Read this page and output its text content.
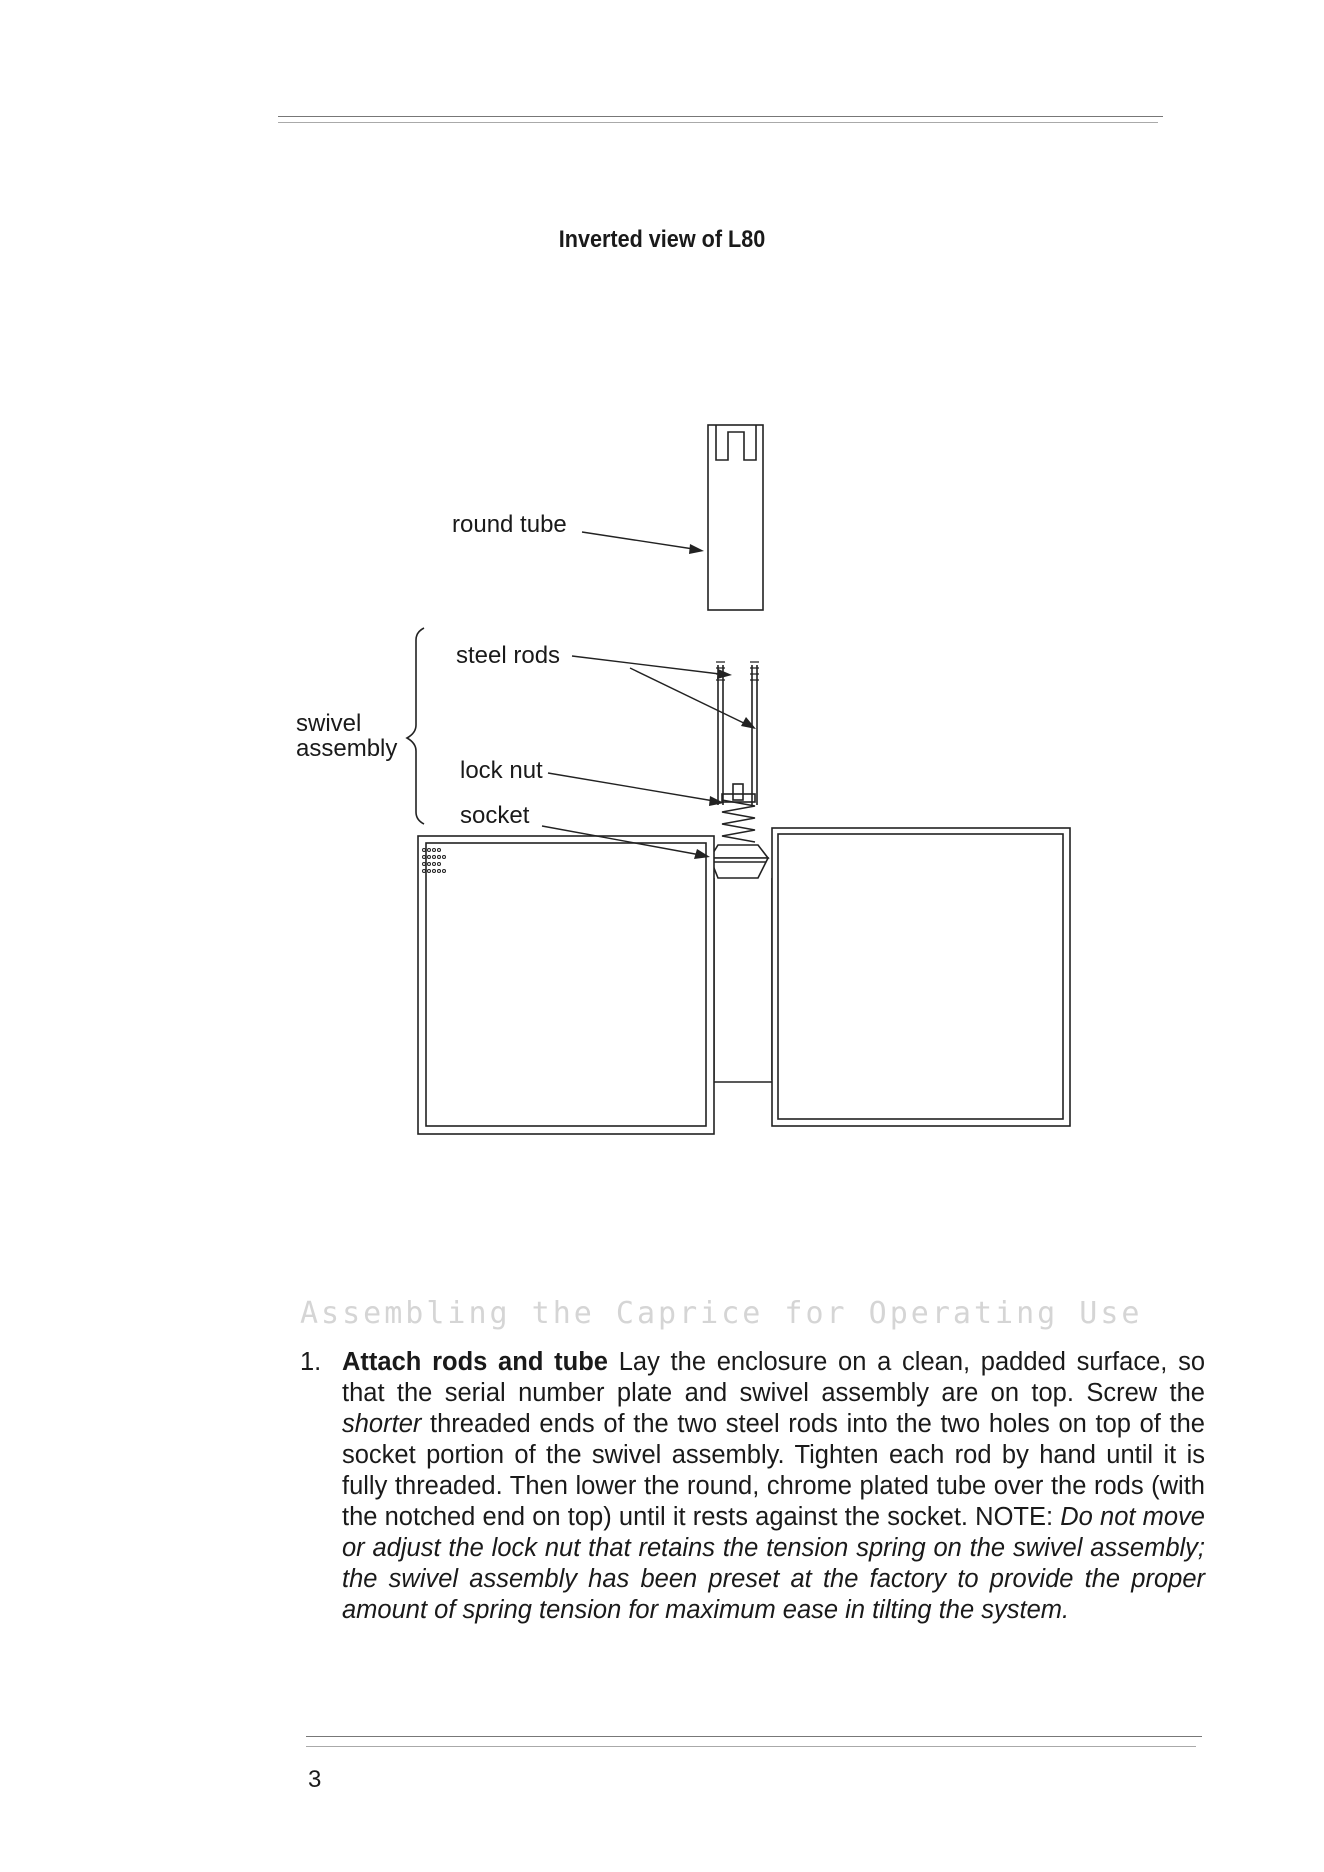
Inverted view of L80
round tube
steel rods
lock nut
socket
swivel
assembly
Assembling the Caprice for Operating Use
1. Attach rods and tube Lay the enclosure on a clean, padded surface, so that the serial number plate and swivel assembly are on top. Screw the shorter threaded ends of the two steel rods into the two holes on top of the socket portion of the swivel assembly. Tighten each rod by hand until it is fully threaded. Then lower the round, chrome plated tube over the rods (with the notched end on top) until it rests against the socket. NOTE: Do not move or adjust the lock nut that retains the tension spring on the swivel assembly; the swivel assembly has been preset at the factory to provide the proper amount of spring tension for maximum ease in tilting the system.
3
